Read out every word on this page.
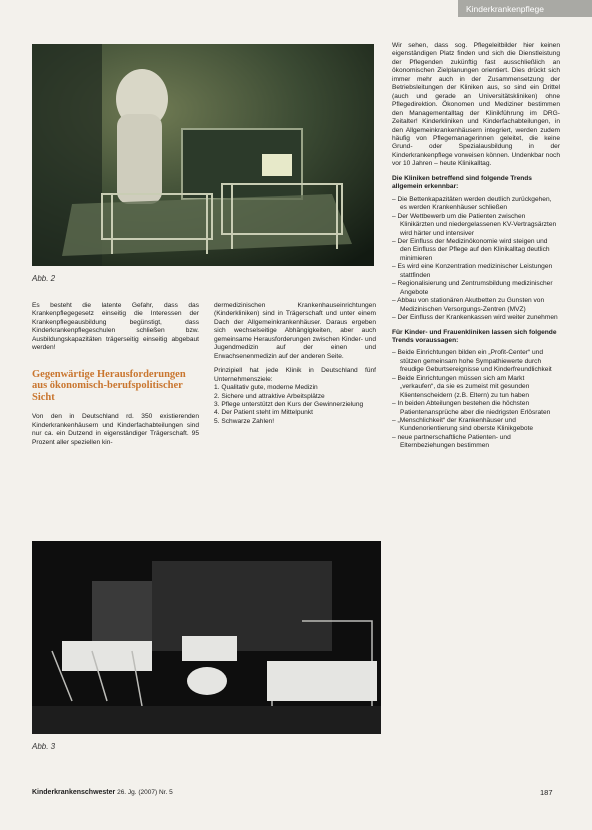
Kinderkrankenpflege
Abb. 2

Es besteht die latente Gefahr, dass das Krankenpflegegesetz einseitig die Interessen der Krankenpflegeausbildung begünstigt, dass Kinderkrankenpflegeschulen schließen bzw. Ausbildungskapazitäten trägerseitig einseitig abgebaut werden!

Gegenwärtige Herausforderungen aus ökonomisch-berufspolitischer Sicht

Von den in Deutschland rd. 350 existierenden Kinderkrankenhäusern und Kinderfachabteilungen sind nur ca. ein Dutzend in eigenständiger Trägerschaft. 95 Prozent aller speziellen kin-

dermedizinischen Krankenhauseinrichtungen (Kinderkliniken) sind in Trägerschaft und unter einem Dach der Allgemeinkrankenhäuser. Daraus ergeben sich wechselseitige Abhängigkeiten, aber auch gemeinsame Herausforderungen zwischen Kinder- und Jugendmedizin auf der einen und Erwachsenenmedizin auf der anderen Seite.

Prinzipiell hat jede Klinik in Deutschland fünf Unternehmensziele:

1. Qualitativ gute, moderne Medizin
2. Sichere und attraktive Arbeitsplätze
3. Pflege unterstützt den Kurs der Gewinnerzielung
4. Der Patient steht im Mittelpunkt
5. Schwarze Zahlen!

Wir sehen, dass sog. Pflegeleitbilder hier keinen eigenständigen Platz finden und sich die Dienstleistung der Pflegenden zukünftig fast ausschließlich an ökonomischen Zielplanungen orientiert. Dies drückt sich immer mehr auch in der Zusammensetzung der Betriebsleitungen der Kliniken aus, so sind ein Drittel (auch und gerade an Universitätskliniken) ohne Pflegedirektion. Ökonomen und Mediziner bestimmen den Managementalltag der Klinikführung im DRG-Zeitalter! Kinderkliniken und Kinderfachabteilungen, in den Allgemeinkrankenhäusern integriert, werden zudem häufig von Pflegemanagerinnen geleitet, die keine Grund- oder Spezialausbildung in der Kinderkrankenpflege vorweisen können. Undenkbar noch vor 10 Jahren – heute Klinikalltag.

Die Kliniken betreffend sind folgende Trends allgemein erkennbar:
– Die Bettenkapazitäten werden deutlich zurückgehen, es werden Krankenhäuser schließen
– Der Wettbewerb um die Patienten zwischen Klinikärzten und niedergelassenen KV-Vertragsärzten wird härter und intensiver
– Der Einfluss der Medizinökonomie wird steigen und den Einfluss der Pflege auf den Klinikalltag deutlich minimieren
– Es wird eine Konzentration medizinischer Leistungen stattfinden
– Regionalisierung und Zentrumsbildung medizinischer Angebote
– Abbau von stationären Akutbetten zu Gunsten von Medizinischen Versorgungs-Zentren (MVZ)
– Der Einfluss der Krankenkassen wird weiter zunehmen
Für Kinder- und Frauenkliniken lassen sich folgende Trends voraussagen:
– Beide Einrichtungen bilden ein „Profit-Center“ und stützen gemeinsam hohe Sympathiewerte durch freudige Geburtsereignisse und Kinderfreundlichkeit
– Beide Einrichtungen müssen sich am Markt „verkaufen“, da sie es zumeist mit gesunden Klientenscheidern (z.B. Eltern) zu tun haben
– In beiden Abteilungen bestehen die höchsten Patientenansprüche aber die niedrigsten Erlösraten
– „Menschlichkeit“ der Krankenhäuser und Kundenorientierung sind oberste Klinikgebote
– neue partnerschaftliche Patienten- und Elternbeziehungen bestimmen
Abb. 3
Kinderkrankenschwester 26. Jg. (2007) Nr. 5	187
